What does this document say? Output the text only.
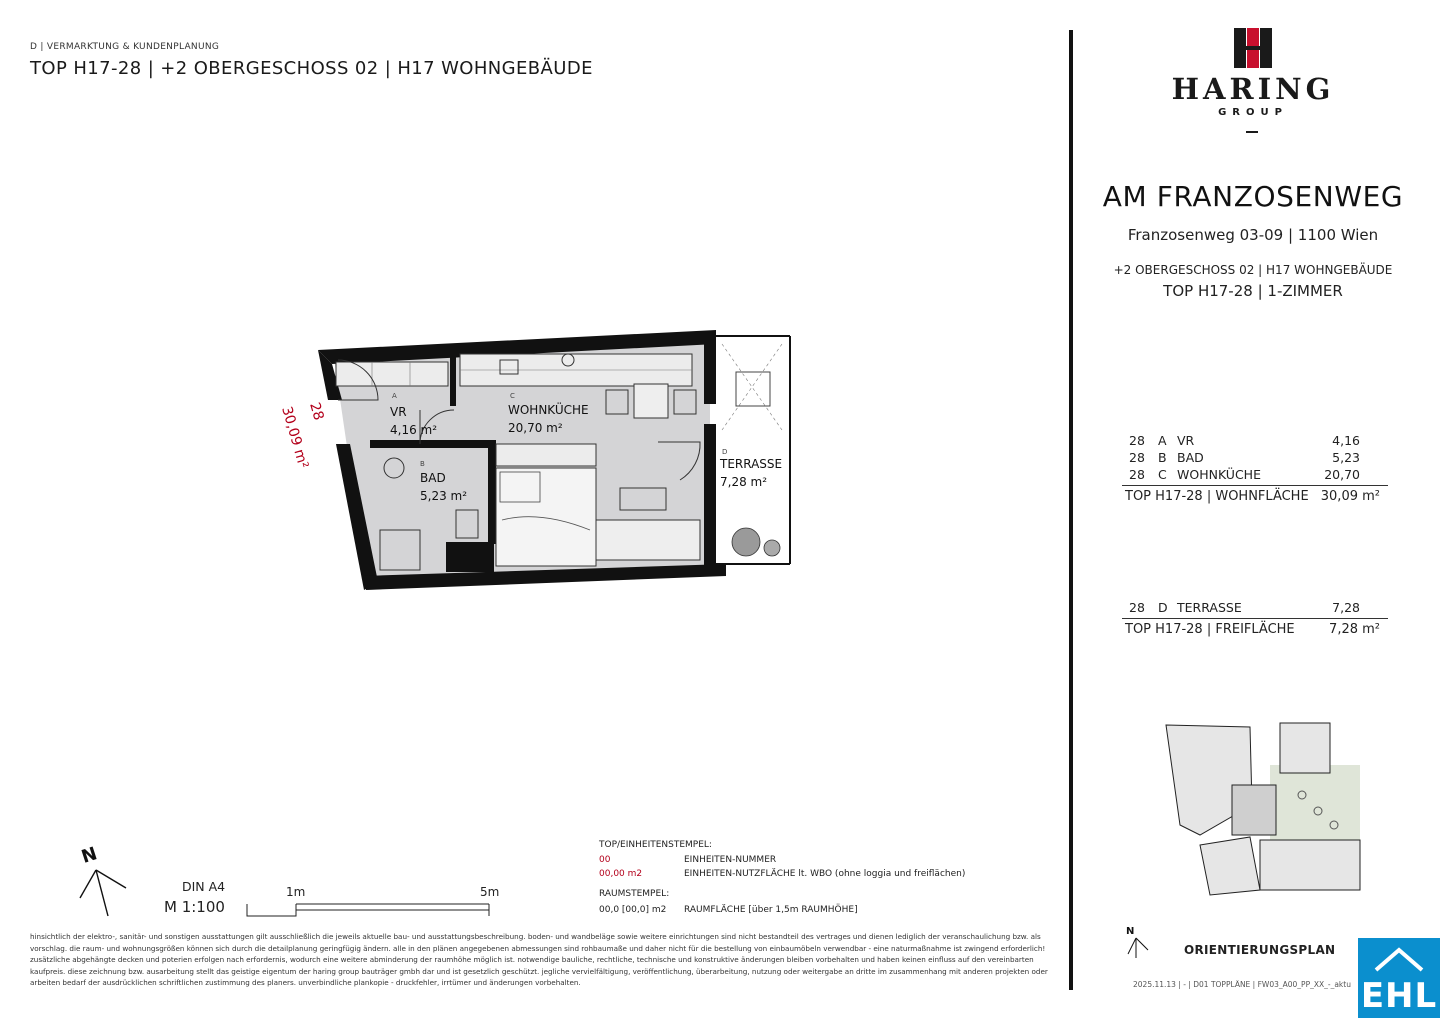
D | VERMARKTUNG & KUNDENPLANUNG
TOP H17-28 | +2 OBERGESCHOSS 02 | H17 WOHNGEBÄUDE
A
VR
4,16 m²
B
BAD
5,23 m²
C
WOHNKÜCHE
20,70 m²
D
TERRASSE
7,28 m²
28
30,09 m²
HARING
GROUP
AM FRANZOSENWEG
Franzosenweg 03-09 | 1100 Wien
+2 OBERGESCHOSS 02 | H17 WOHNGEBÄUDE
TOP H17-28 | 1-ZIMMER
28 A VR	4,16
28 B BAD	5,23
28 C WOHNKÜCHE	20,70
TOP H17-28 | WOHNFLÄCHE 30,09 m²
28 D TERRASSE	7,28
TOP H17-28 | FREIFLÄCHE	7,28 m²
N
ORIENTIERUNGSPLAN
2025.11.13 | - | D01 TOPPLÄNE | FW03_A00_PP_XX_-_aktu EHL
N
DIN A4
M 1:100
1m	5m
TOP/EINHEITENSTEMPEL:
00	EINHEITEN-NUMMER
00,00 m2	EINHEITEN-NUTZFLÄCHE lt. WBO (ohne loggia und freiflächen)
RAUMSTEMPEL:
00,0 [00,0] m2 RAUMFLÄCHE [über 1,5m RAUMHÖHE]
hinsichtlich der elektro-, sanitär- und sonstigen ausstattungen gilt ausschließlich die jeweils aktuelle bau- und ausstattungsbeschreibung. boden- und wandbeläge sowie weitere einrichtungen sind nicht bestandteil des vertrages und dienen lediglich der veranschaulichung bzw. als vorschlag. die raum- und wohnungsgrößen können sich durch die detailplanung geringfügig ändern. alle in den plänen angegebenen abmessungen sind rohbaumaße und daher nicht für die bestellung von einbaumöbeln verwendbar - eine naturmaßnahme ist zwingend erforderlich! zusätzliche abgehängte decken und poterien erfolgen nach erfordernis, wodurch eine weitere abminderung der raumhöhe möglich ist. notwendige bauliche, rechtliche, technische und konstruktive änderungen bleiben vorbehalten und haben keinen einfluss auf den vereinbarten kaufpreis. diese zeichnung bzw. ausarbeitung stellt das geistige eigentum der haring group bauträger gmbh dar und ist gesetzlich geschützt. jegliche vervielfältigung, veröffentlichung, überarbeitung, nutzung oder weitergabe an dritte im zusammenhang mit anderen projekten oder arbeiten bedarf der ausdrücklichen schriftlichen zustimmung des planers. unverbindliche plankopie - druckfehler, irrtümer und änderungen vorbehalten.
